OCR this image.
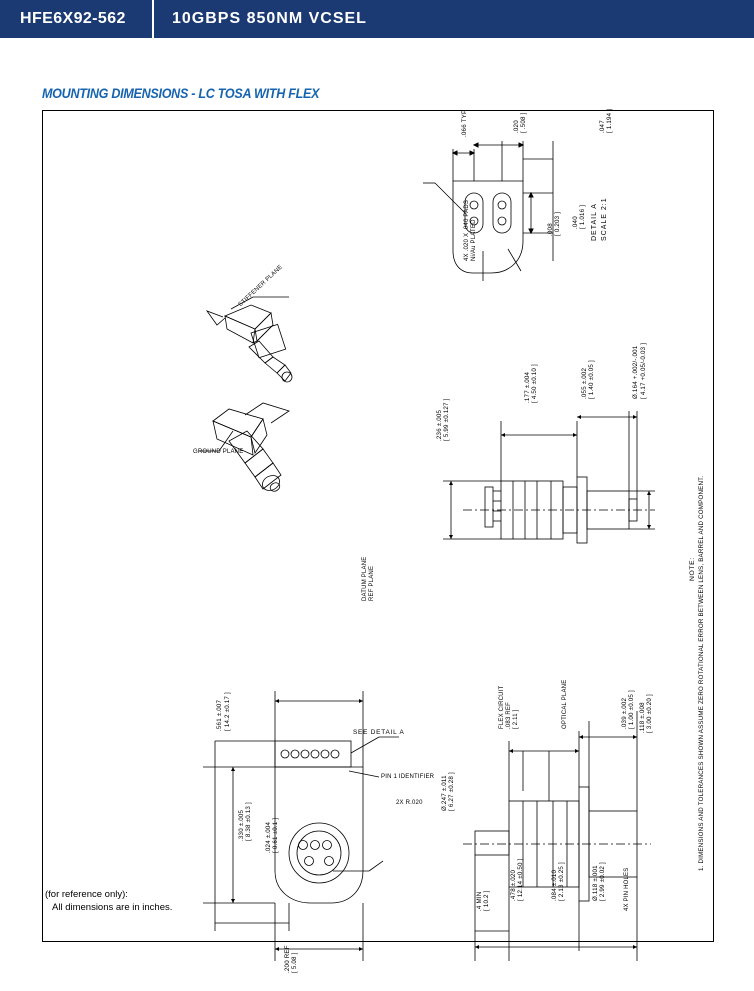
HFE6X92-562	10GBPS 850NM VCSEL
MOUNTING DIMENSIONS - LC TOSA WITH FLEX
.066 TYP	.020 [ .508 ]	.047 [ 1.194 ]
.040 [ 1.016 ]
.008 [ 0.203 ]
4X .020 X .040 PADS Ni/Au PLATED	DETAIL A SCALE 2:1
STIFFENER PLANE
GROUND PLANE
.236 ±.005 [ 5.99 ±0.127 ]
.177 ±.004 [ 4.50 ±0.10 ]	.055 ±.002 [ 1.40 ±0.05 ]	Ø.164 +.002/-.001 [ 4.17 +0.05/-0.03 ]
DATUM PLANE REF PLANE
SEE DETAIL A
PIN 1 IDENTIFIER
2X R.020
.561 ±.007 [ 14.2 ±0.17 ]
.330 ±.005 [ 8.38 ±0.13 ] .024 ±.004 [ 0.61 ±0.1 ]
.200 REF [ 5.08 ]
FLEX CIRCUIT .083 REF [ 2.11 ]	OPTICAL PLANE	.039 ±.002 [ 1.00 ±0.05 ] .118 ±.008 [ 3.00 ±0.20 ]
Ø.247 ±.011 [ 6.27 ±0.28 ]
.4 MIN [ 10.2 ]	.478 ±.020 [ 12.14 ±0.50 ]	.084 ±.010 [ 2.13 ±0.25 ]	Ø.118 ±.001 [ 2.99 ±0.02 ]	4X PIN HOLES
NOTE: 1. DIMENSIONS AND TOLERANCES SHOWN ASSUME ZERO ROTATIONAL ERROR BETWEEN LENS, BARREL AND COMPONENT.
(for reference only):
All dimensions are in inches.
